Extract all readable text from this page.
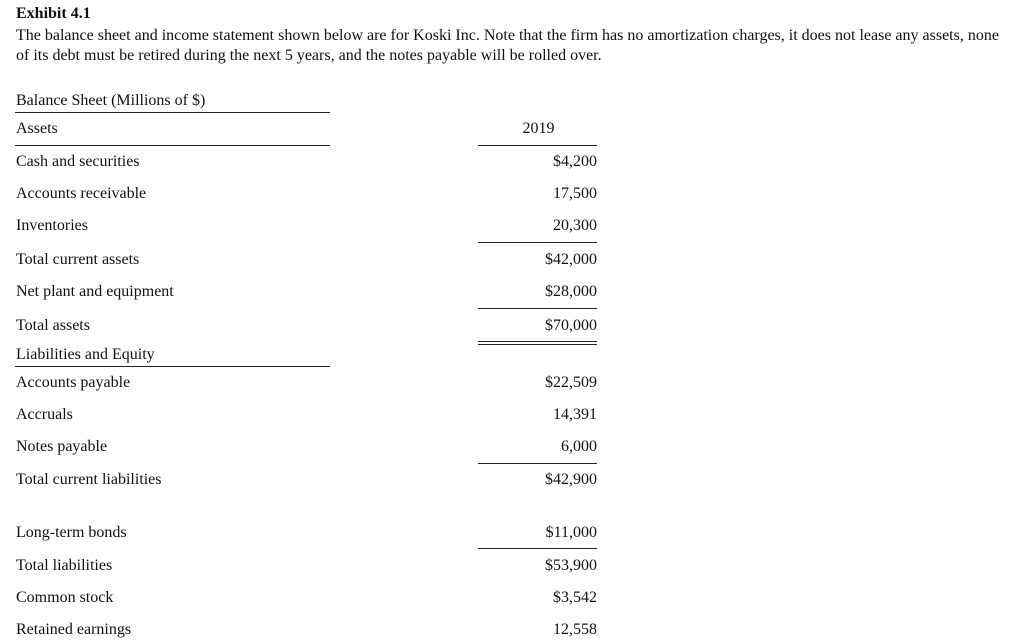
Exhibit 4.1
The balance sheet and income statement shown below are for Koski Inc. Note that the firm has no amortization charges, it does not lease any assets, none of its debt must be retired during the next 5 years, and the notes payable will be rolled over.
Balance Sheet (Millions of $)
Assets	2019
Cash and securities	$4,200
Accounts receivable	17,500
Inventories	20,300
Total current assets	$42,000
Net plant and equipment	$28,000
Total assets	$70,000
Liabilities and Equity
Accounts payable	$22,509
Accruals	14,391
Notes payable	6,000
Total current liabilities	$42,900
Long-term bonds	$11,000
Total liabilities	$53,900
Common stock	$3,542
Retained earnings	12,558
